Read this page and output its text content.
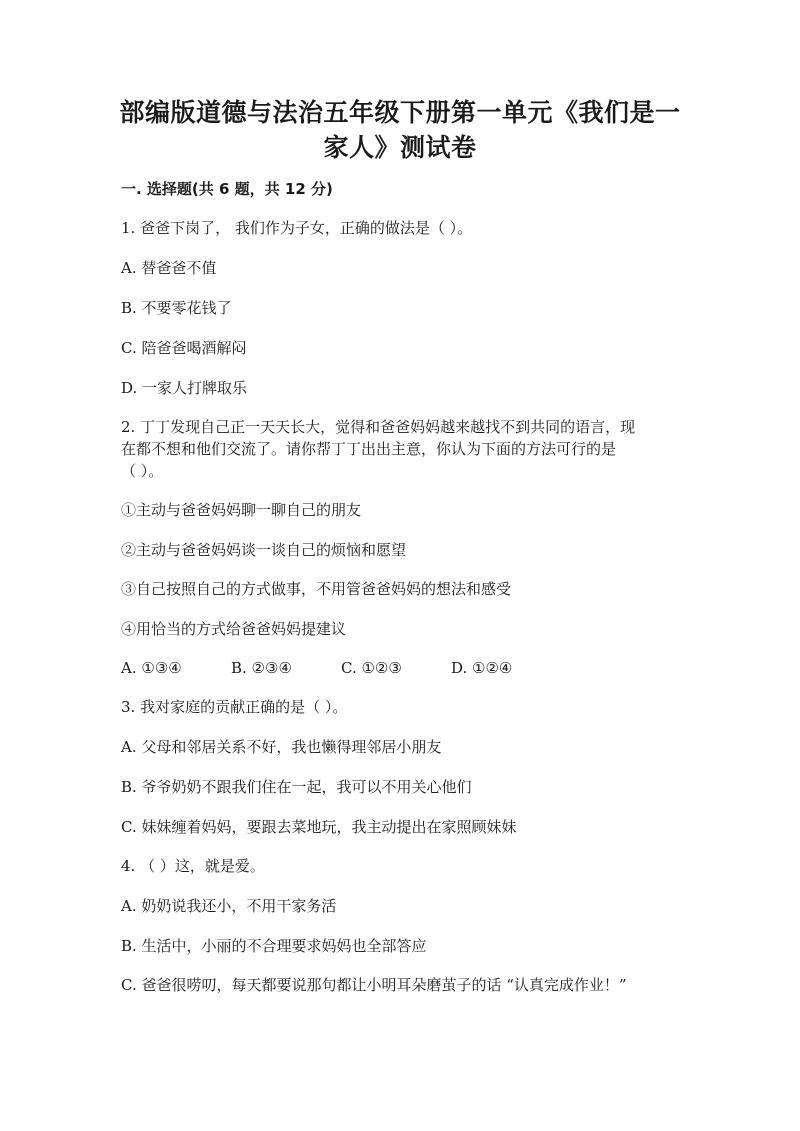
部编版道德与法治五年级下册第一单元《我们是一
家人》测试卷
一. 选择题(共 6 题，共 12 分)
1. 爸爸下岗了， 我们作为子女，正确的做法是（ ）。
A. 替爸爸不值
B. 不要零花钱了
C. 陪爸爸喝酒解闷
D. 一家人打牌取乐
2. 丁丁发现自己正一天天长大，觉得和爸爸妈妈越来越找不到共同的语言，现
在都不想和他们交流了。请你帮丁丁出出主意，你认为下面的方法可行的是
（ ）。
①主动与爸爸妈妈聊一聊自己的朋友
②主动与爸爸妈妈谈一谈自己的烦恼和愿望
③自己按照自己的方式做事，不用管爸爸妈妈的想法和感受
④用恰当的方式给爸爸妈妈提建议
A. ①③④	B. ②③④	C. ①②③	D. ①②④
3. 我对家庭的贡献正确的是（ ）。
A. 父母和邻居关系不好，我也懒得理邻居小朋友
B. 爷爷奶奶不跟我们住在一起，我可以不用关心他们
C. 妹妹缠着妈妈，要跟去菜地玩，我主动提出在家照顾妹妹
4. （ ）这，就是爱。
A. 奶奶说我还小，不用干家务活
B. 生活中，小丽的不合理要求妈妈也全部答应
C. 爸爸很唠叨，每天都要说那句都让小明耳朵磨茧子的话 “认真完成作业！”
